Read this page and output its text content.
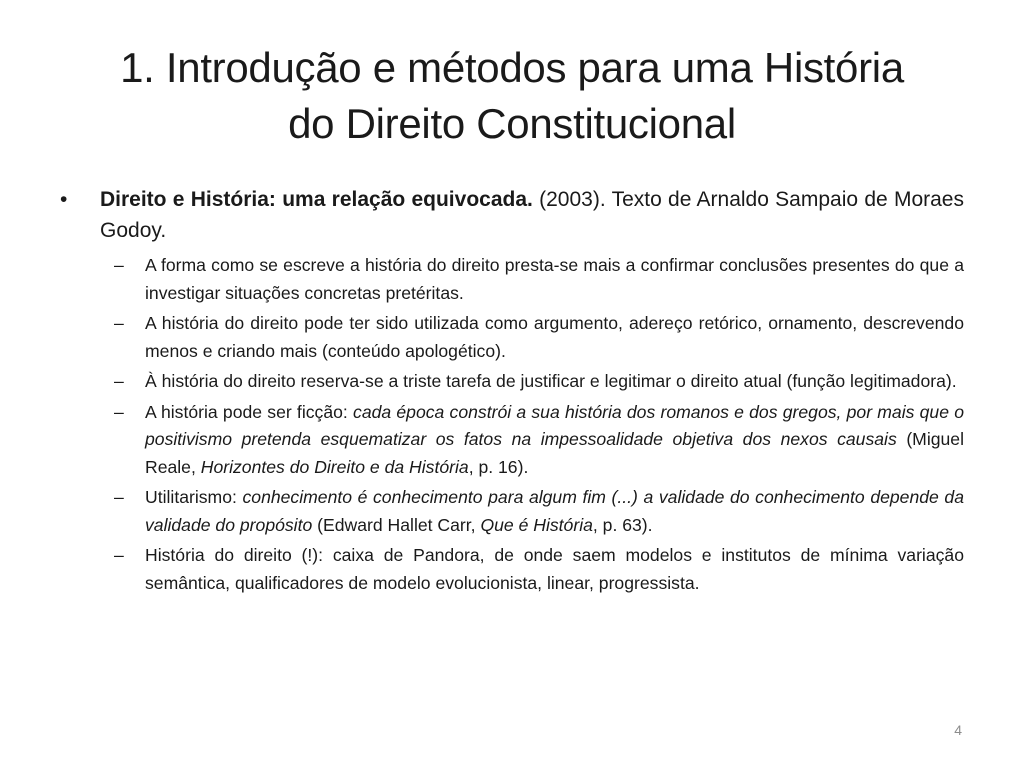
1. Introdução e métodos para uma História
do Direito Constitucional
• Direito e História: uma relação equivocada. (2003). Texto de Arnaldo Sampaio de Moraes Godoy.
– A forma como se escreve a história do direito presta-se mais a confirmar conclusões presentes do que a investigar situações concretas pretéritas.
– A história do direito pode ter sido utilizada como argumento, adereço retórico, ornamento, descrevendo menos e criando mais (conteúdo apologético).
– À história do direito reserva-se a triste tarefa de justificar e legitimar o direito atual (função legitimadora).
– A história pode ser ficção: cada época constrói a sua história dos romanos e dos gregos, por mais que o positivismo pretenda esquematizar os fatos na impessoalidade objetiva dos nexos causais (Miguel Reale, Horizontes do Direito e da História, p. 16).
– Utilitarismo: conhecimento é conhecimento para algum fim (...) a validade do conhecimento depende da validade do propósito (Edward Hallet Carr, Que é História, p. 63).
– História do direito (!): caixa de Pandora, de onde saem modelos e institutos de mínima variação semântica, qualificadores de modelo evolucionista, linear, progressista.
4
